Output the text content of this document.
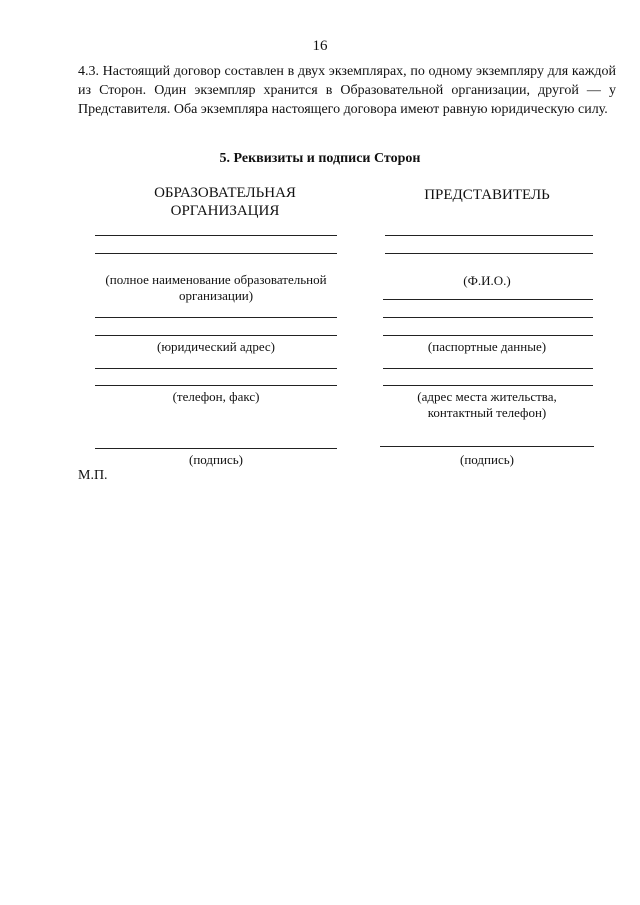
16
4.3. Настоящий договор составлен в двух экземплярах, по одному экземпляру для каждой из Сторон. Один экземпляр хранится в Образовательной организации, другой — у Представителя. Оба экземпляра настоящего договора имеют равную юридическую силу.
5. Реквизиты и подписи Сторон
ОБРАЗОВАТЕЛЬНАЯ ОРГАНИЗАЦИЯ
(полное наименование образовательной организации)
(юридический адрес)
(телефон, факс)
(подпись)
ПРЕДСТАВИТЕЛЬ
(Ф.И.О.)
(паспортные данные)
(адрес места жительства, контактный телефон)
(подпись)
М.П.
